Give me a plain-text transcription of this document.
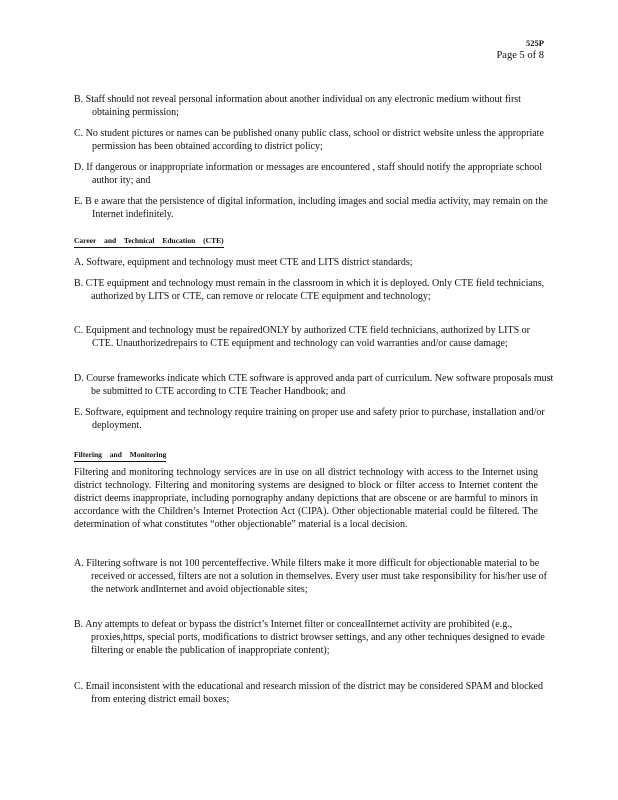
525P
Page 5 of 8
B. Staff should not reveal personal information about another individual on any electronic medium without first obtaining permission;
C. No student pictures or names can be published onany public class, school or district website unless the appropriate permission has been obtained according to district policy;
D. If dangerous or inappropriate information or messages are encountered , staff should notify the appropriate school author ity; and
E. B e aware that the persistence of digital information, including images and social media activity, may remain on the Internet indefinitely.
Career and Technical Education (CTE)
A. Software, equipment and technology must meet CTE and LITS district standards;
B. CTE equipment and technology must remain in the classroom in which it is deployed. Only CTE field technicians, authorized by LITS or CTE, can remove or relocate CTE equipment and technology;
C. Equipment and technology must be repairedONLY by authorized CTE field technicians, authorized by LITS or CTE. Unauthorizedrepairs to CTE equipment and technology can void warranties and/or cause damage;
D. Course frameworks indicate which CTE software is approved anda part of curriculum. New software proposals must be submitted to CTE according to CTE Teacher Handbook; and
E. Software, equipment and technology require training on proper use and safety prior to purchase, installation and/or deployment.
Filtering and Monitoring
Filtering and monitoring technology services are in use on all district technology with access to the Internet using district technology. Filtering and monitoring systems are designed to block or filter access to Internet content the district deems inappropriate, including pornography andany depictions that are obscene or are harmful to minors in accordance with the Children’s Internet Protection Act (CIPA). Other objectionable material could be filtered. The determination of what constitutes “other objectionable” material is a local decision.
A. Filtering software is not 100 percenteffective. While filters make it more difficult for objectionable material to be received or accessed, filters are not a solution in themselves. Every user must take responsibility for his/her use of the network andInternet and avoid objectionable sites;
B. Any attempts to defeat or bypass the district’s Internet filter or concealInternet activity are prohibited (e.g., proxies,https, special ports, modifications to district browser settings, and any other techniques designed to evade filtering or enable the publication of inappropriate content);
C. Email inconsistent with the educational and research mission of the district may be considered SPAM and blocked from entering district email boxes;
